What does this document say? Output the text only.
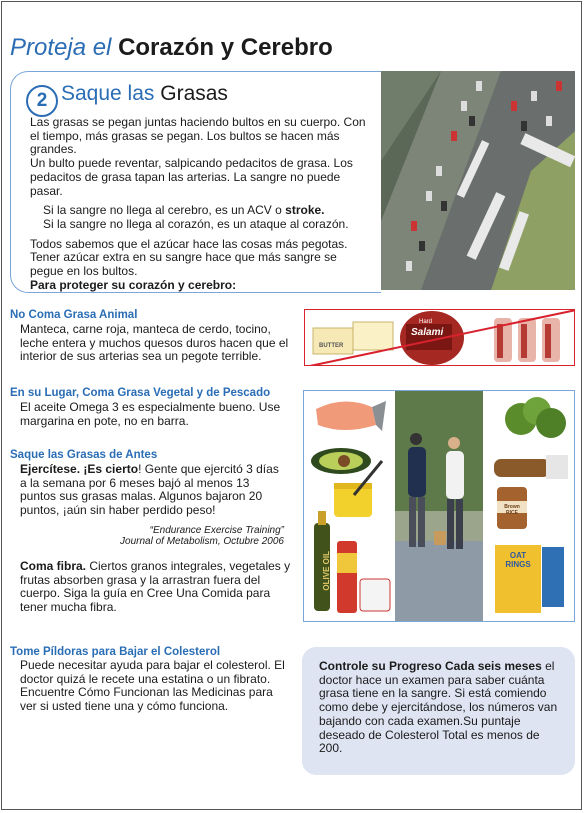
Proteja el Corazón y Cerebro
2 Saque las Grasas
Las grasas se pegan juntas haciendo bultos en su cuerpo. Con el tiempo, más grasas se pegan. Los bultos se hacen más grandes.
Un bulto puede reventar, salpicando pedacitos de grasa. Los pedacitos de grasa tapan las arterias. La sangre no puede pasar.
Si la sangre no llega al cerebro, es un ACV o stroke.
Si la sangre no llega al corazón, es un ataque al corazón.
Todos sabemos que el azúcar hace las cosas más pegotas. Tener azúcar extra en su sangre hace que más sangre se pegue en los bultos.
Para proteger su corazón y cerebro:
No Coma Grasa Animal
Manteca, carne roja, manteca de cerdo, tocino, leche entera y muchos quesos duros hacen que el interior de sus arterias sea un pegote terrible.
BUTTER
Hard
Salami
En su Lugar, Coma Grasa Vegetal y de Pescado
El aceite Omega 3 es especialmente bueno. Use margarina en pote, no en barra.
Saque las Grasas de Antes
Ejercítese. ¡Es cierto! Gente que ejercitó 3 días a la semana por 6 meses bajó al menos 13 puntos sus grasas malas. Algunos bajaron 20 puntos, ¡aún sin haber perdido peso!
“Endurance Exercise Training”
Journal of Metabolism, Octubre 2006
Coma fibra. Ciertos granos integrales, vegetales y frutas absorben grasa y la arrastran fuera del cuerpo. Siga la guía en Cree Una Comida para tener mucha fibra.
OLIVE OIL
Brown RICE
OAT RINGS
Tome Píldoras para Bajar el Colesterol
Puede necesitar ayuda para bajar el colesterol. El doctor quizá le recete una estatina o un fibrato. Encuentre Cómo Funcionan las Medicinas para ver si usted tiene una y cómo funciona.
Controle su Progreso Cada seis meses el doctor hace un examen para saber cuánta grasa tiene en la sangre. Si está comiendo como debe y ejercitándose, los números van bajando con cada examen.Su puntaje deseado de Colesterol Total es menos de 200.
